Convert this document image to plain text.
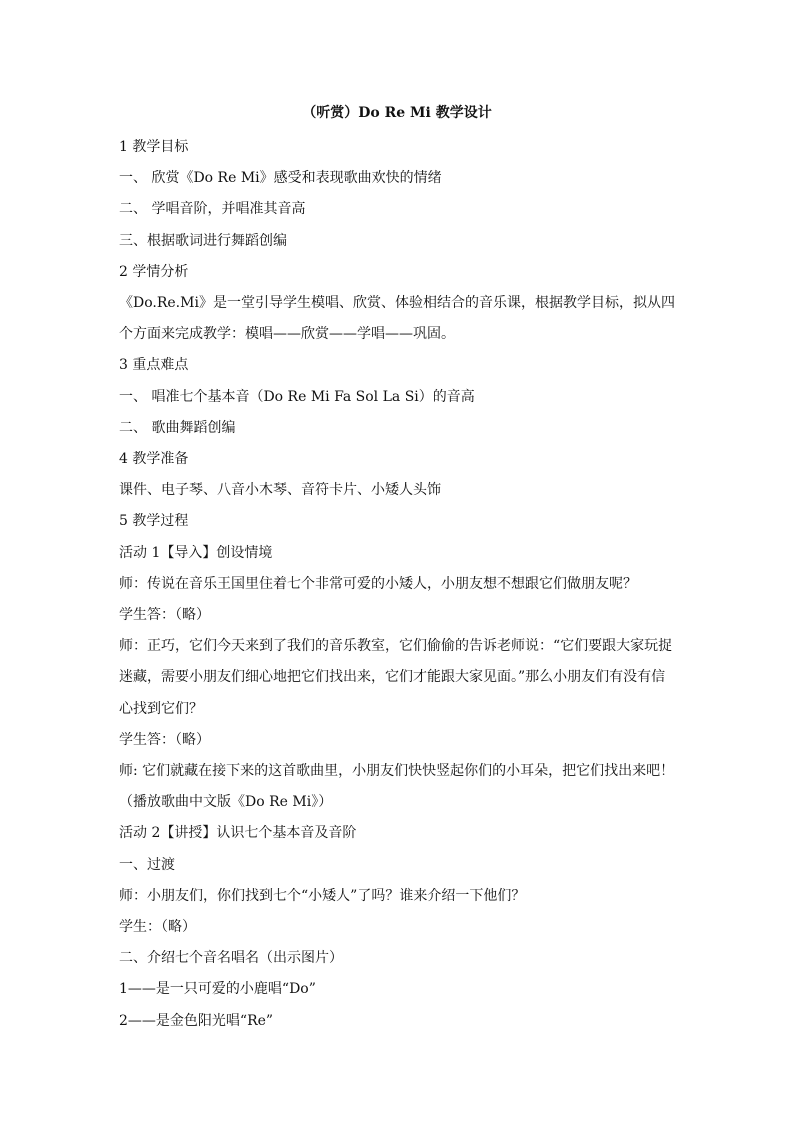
（听赏）Do Re Mi 教学设计

1 教学目标

一、 欣赏《Do Re Mi》感受和表现歌曲欢快的情绪

二、 学唱音阶，并唱准其音高

三、根据歌词进行舞蹈创编

2 学情分析

《Do.Re.Mi》是一堂引导学生模唱、欣赏、体验相结合的音乐课，根据教学目标，拟从四个方面来完成教学：模唱——欣赏——学唱——巩固。

3 重点难点

一、 唱准七个基本音（Do Re Mi Fa Sol La Si）的音高

二、 歌曲舞蹈创编

4 教学准备

课件、电子琴、八音小木琴、音符卡片、小矮人头饰

5 教学过程

活动 1【导入】创设情境

师：传说在音乐王国里住着七个非常可爱的小矮人，小朋友想不想跟它们做朋友呢？

学生答：（略）

师：正巧，它们今天来到了我们的音乐教室，它们偷偷的告诉老师说：“它们要跟大家玩捉迷藏，需要小朋友们细心地把它们找出来，它们才能跟大家见面。”那么小朋友们有没有信心找到它们？

学生答：（略）

师: 它们就藏在接下来的这首歌曲里，小朋友们快快竖起你们的小耳朵，把它们找出来吧！

（播放歌曲中文版《Do Re Mi》）

活动 2【讲授】认识七个基本音及音阶

一、过渡

师：小朋友们，你们找到七个“小矮人”了吗？谁来介绍一下他们？

学生：（略）

二、介绍七个音名唱名（出示图片）

1——是一只可爱的小鹿唱“Do”

2——是金色阳光唱“Re”
